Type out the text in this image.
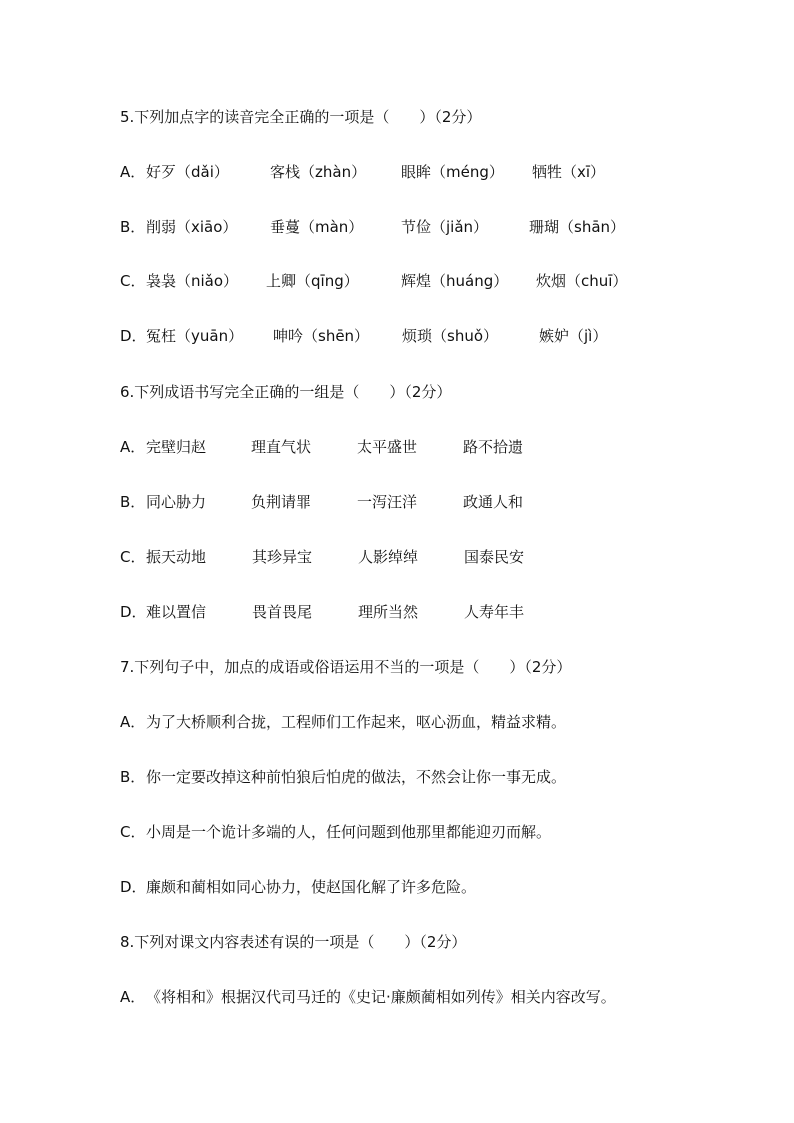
5.下列加点字的读音完全正确的一项是（　　）（2分）
A． 好歹（dǎi）	客栈（zhàn） 眼眸（méng） 牺牲（xī）
B． 削弱（xiāo） 垂蔓（màn）	节俭（jiǎn）	珊瑚（shān）
C． 袅袅（niǎo） 上卿（qīng）	辉煌（huáng） 炊烟（chuī）
D． 冤枉（yuān） 呻吟（shēn） 烦琐（shuǒ）	嫉妒（jì）
6.下列成语书写完全正确的一组是（　　）（2分）
A． 完壁归赵	理直气状	太平盛世	路不拾遗
B． 同心胁力	负荆请罪	一泻汪洋	政通人和
C． 振天动地	其珍异宝	人影绰绰	国泰民安
D． 难以置信	畏首畏尾	理所当然	人寿年丰
7.下列句子中，加点的成语或俗语运用不当的一项是（　　）（2分）
A． 为了大桥顺利合拢，工程师们工作起来，呕心沥血，精益求精。
B． 你一定要改掉这种前怕狼后怕虎的做法，不然会让你一事无成。
C． 小周是一个诡计多端的人，任何问题到他那里都能迎刃而解。
D． 廉颇和蔺相如同心协力，使赵国化解了许多危险。
8.下列对课文内容表述有误的一项是（　　）（2分）
A． 《将相和》根据汉代司马迁的《史记·廉颇蔺相如列传》相关内容改写。
